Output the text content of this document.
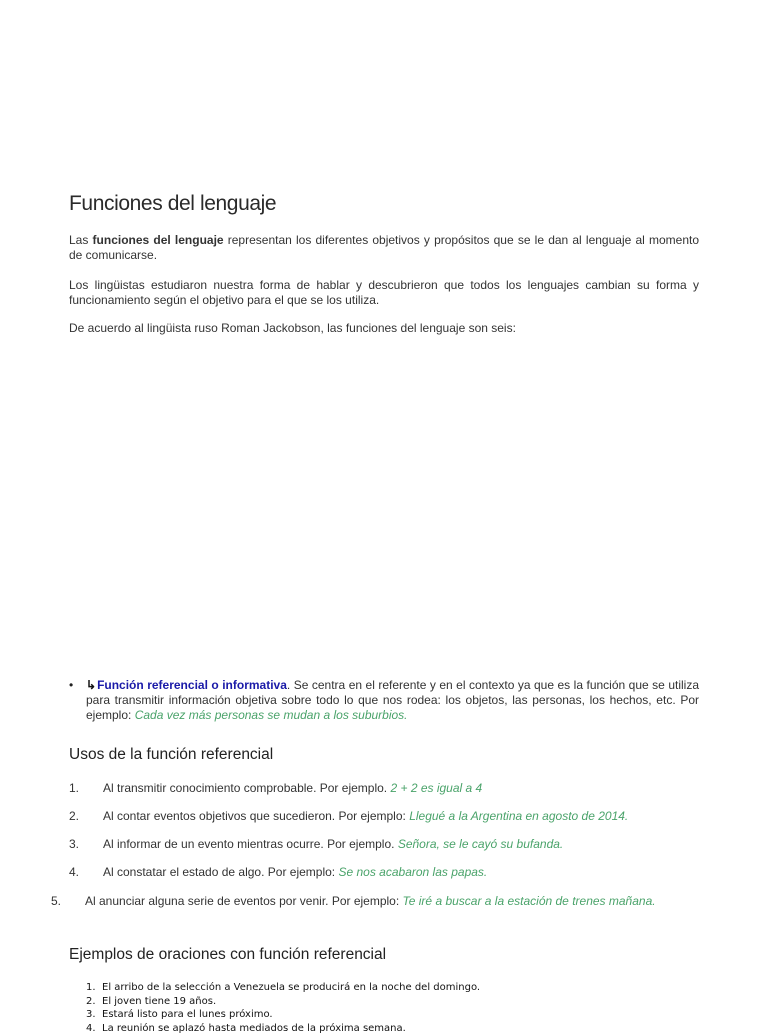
Funciones del lenguaje

Las funciones del lenguaje representan los diferentes objetivos y propósitos que se le dan al lenguaje al momento de comunicarse.

Los lingüistas estudiaron nuestra forma de hablar y descubrieron que todos los lenguajes cambian su forma y funcionamiento según el objetivo para el que se los utiliza.

De acuerdo al lingüista ruso Roman Jackobson, las funciones del lenguaje son seis:

• ↳Función referencial o informativa. Se centra en el referente y en el contexto ya que es la función que se utiliza para transmitir información objetiva sobre todo lo que nos rodea: los objetos, las personas, los hechos, etc. Por ejemplo: Cada vez más personas se mudan a los suburbios.
Usos de la función referencial
1. Al transmitir conocimiento comprobable. Por ejemplo. 2 + 2 es igual a 4
2. Al contar eventos objetivos que sucedieron. Por ejemplo: Llegué a la Argentina en agosto de 2014.
3. Al informar de un evento mientras ocurre. Por ejemplo. Señora, se le cayó su bufanda.
4. Al constatar el estado de algo. Por ejemplo: Se nos acabaron las papas.
5. Al anunciar alguna serie de eventos por venir. Por ejemplo: Te iré a buscar a la estación de trenes mañana.
Ejemplos de oraciones con función referencial
1. El arribo de la selección a Venezuela se producirá en la noche del domingo.
2. El joven tiene 19 años.
3. Estará listo para el lunes próximo.
4. La reunión se aplazó hasta mediados de la próxima semana.
